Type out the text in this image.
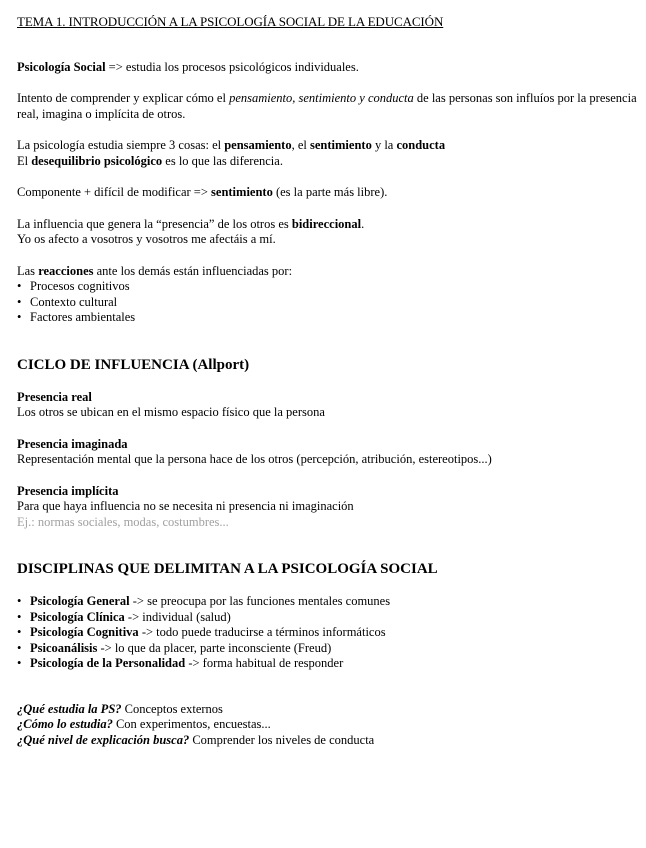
TEMA 1. INTRODUCCIÓN A LA PSICOLOGÍA SOCIAL DE LA EDUCACIÓN

Psicología Social => estudia los procesos psicológicos individuales.

Intento de comprender y explicar cómo el pensamiento, sentimiento y conducta de las personas son influíos por la presencia real, imagina o implícita de otros.

La psicología estudia siempre 3 cosas: el pensamiento, el sentimiento y la conducta

El desequilibrio psicológico es lo que las diferencia.

Componente + difícil de modificar => sentimiento (es la parte más libre).

La influencia que genera la “presencia” de los otros es bidireccional.

Yo os afecto a vosotros y vosotros me afectáis a mí.

Las reacciones ante los demás están influenciadas por:

• Procesos cognitivos
• Contexto cultural
• Factores ambientales
CICLO DE INFLUENCIA (Allport)

Presencia real

Los otros se ubican en el mismo espacio físico que la persona

Presencia imaginada

Representación mental que la persona hace de los otros (percepción, atribución, estereotipos...)

Presencia implícita

Para que haya influencia no se necesita ni presencia ni imaginación

Ej.: normas sociales, modas, costumbres...

DISCIPLINAS QUE DELIMITAN A LA PSICOLOGÍA SOCIAL
• Psicología General -> se preocupa por las funciones mentales comunes
• Psicología Clínica -> individual (salud)
• Psicología Cognitiva -> todo puede traducirse a términos informáticos
• Psicoanálisis -> lo que da placer, parte inconsciente (Freud)
• Psicología de la Personalidad -> forma habitual de responder

¿Qué estudia la PS? Conceptos externos

¿Cómo lo estudia? Con experimentos, encuestas...

¿Qué nivel de explicación busca? Comprender los niveles de conducta
